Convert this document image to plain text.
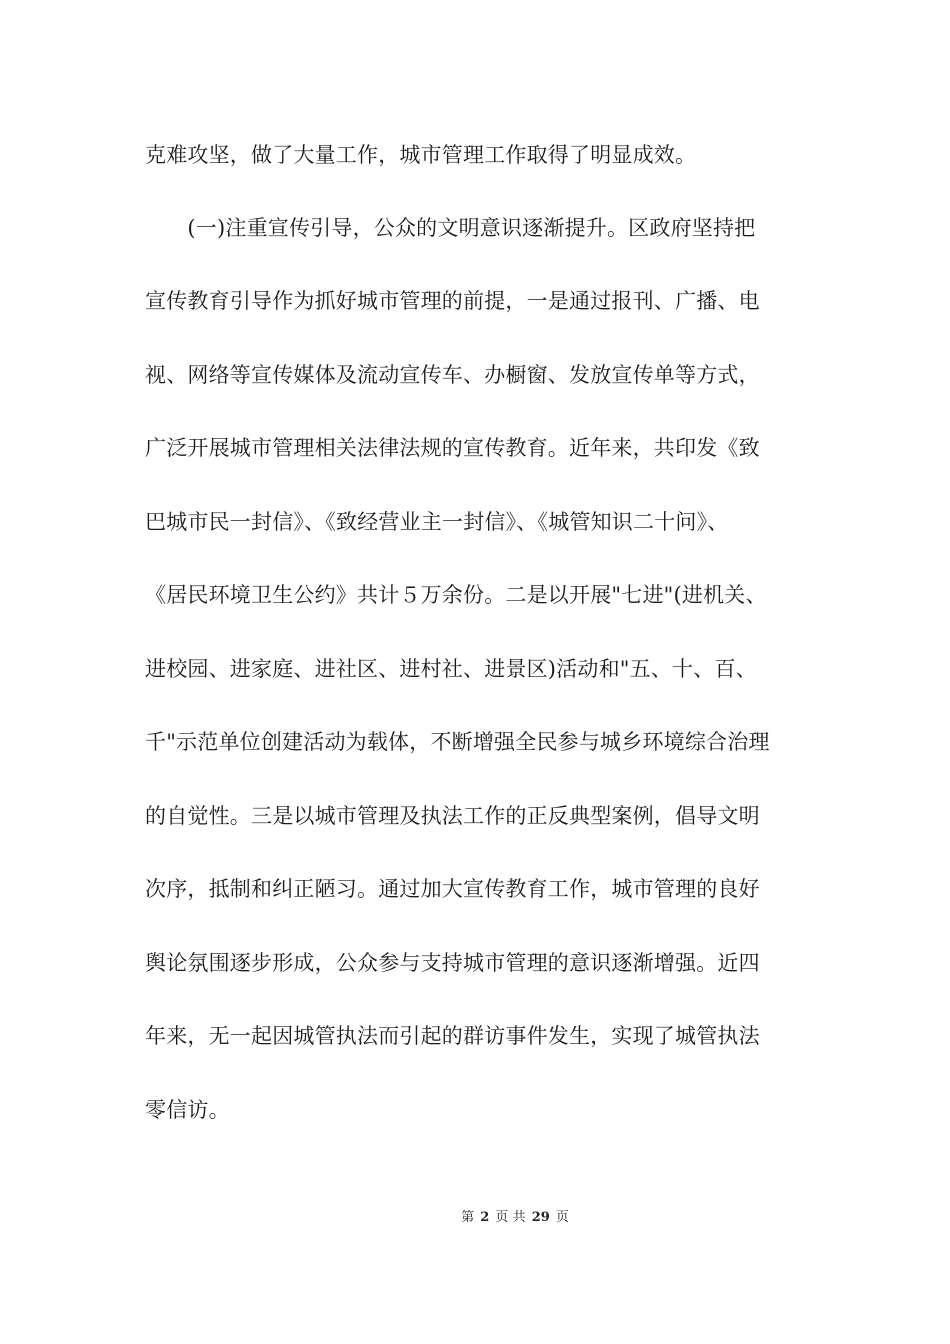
克难攻坚，做了大量工作，城市管理工作取得了明显成效。
　　(一)注重宣传引导，公众的文明意识逐渐提升。区政府坚持把
宣传教育引导作为抓好城市管理的前提，一是通过报刊、广播、电
视、网络等宣传媒体及流动宣传车、办橱窗、发放宣传单等方式，
广泛开展城市管理相关法律法规的宣传教育。近年来，共印发《致
巴城市民一封信》、《致经营业主一封信》、《城管知识二十问》、
《居民环境卫生公约》共计５万余份。二是以开展"七进"(进机关、
进校园、进家庭、进社区、进村社、进景区)活动和"五、十、百、
千"示范单位创建活动为载体，不断增强全民参与城乡环境综合治理
的自觉性。三是以城市管理及执法工作的正反典型案例，倡导文明
次序，抵制和纠正陋习。通过加大宣传教育工作，城市管理的良好
舆论氛围逐步形成，公众参与支持城市管理的意识逐渐增强。近四
年来，无一起因城管执法而引起的群访事件发生，实现了城管执法
零信访。
第 2 页 共 29 页
